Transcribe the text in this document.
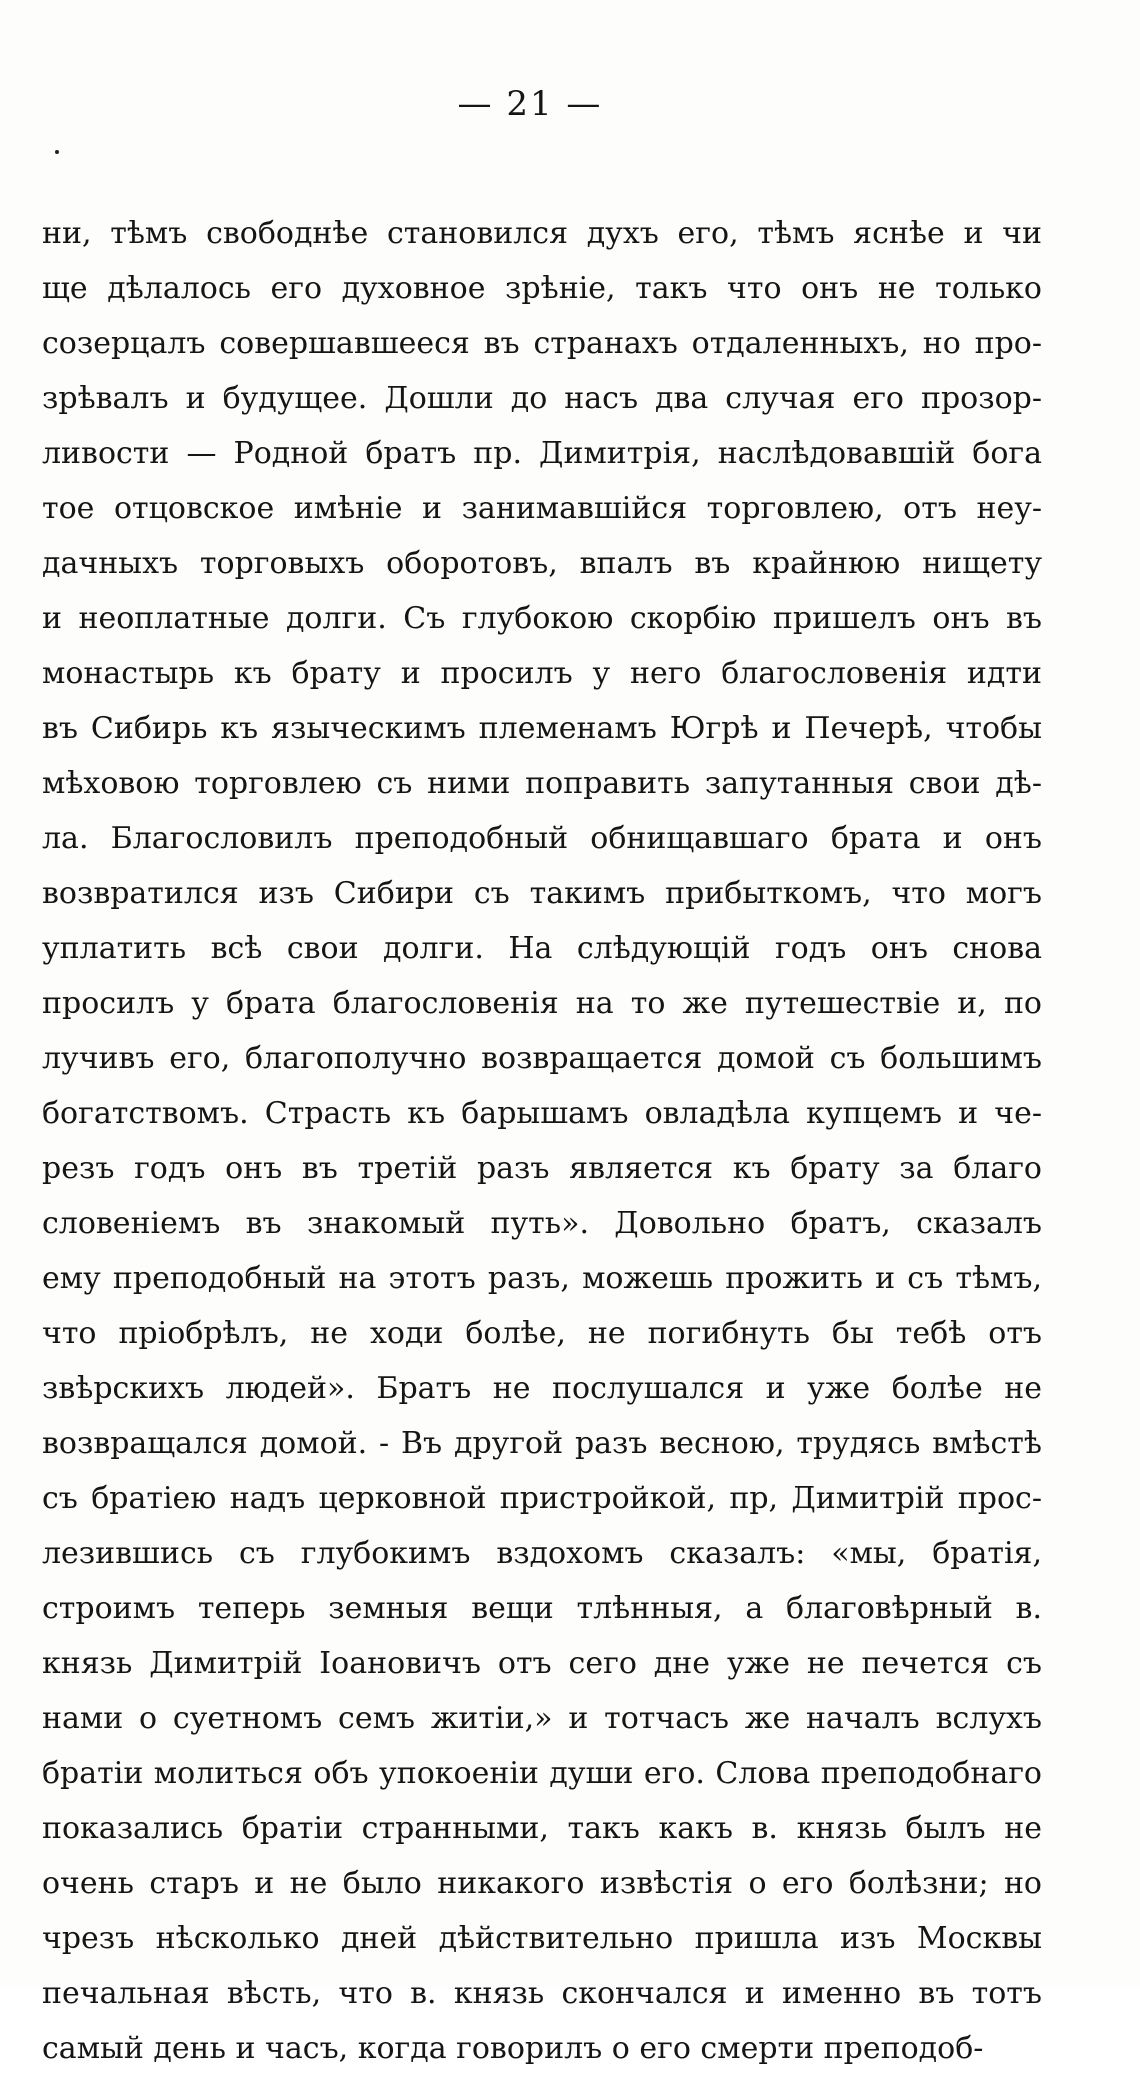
— 21 —
ни, тѣмъ свободнѣе становился духъ его, тѣмъ яснѣе и чи
ще дѣлалось его духовное зрѣніе, такъ что онъ не только
созерцалъ совершавшееся въ странахъ отдаленныхъ, но про-
зрѣвалъ и будущее. Дошли до насъ два случая его прозор-
ливости — Родной братъ пр. Димитрія, наслѣдовавшій бога
тое отцовское имѣніе и занимавшійся торговлею, отъ неу-
дачныхъ торговыхъ оборотовъ, впалъ въ крайнюю нищету
и неоплатные долги. Съ глубокою скорбію пришелъ онъ въ
монастырь къ брату и просилъ у него благословенія идти
въ Сибирь къ языческимъ племенамъ Югрѣ и Печерѣ, чтобы
мѣховою торговлею съ ними поправить запутанныя свои дѣ-
ла. Благословилъ преподобный обнищавшаго брата и онъ
возвратился изъ Сибири съ такимъ прибыткомъ, что могъ
уплатить всѣ свои долги. На слѣдующій годъ онъ снова
просилъ у брата благословенія на то же путешествіе и, по
лучивъ его, благополучно возвращается домой съ большимъ
богатствомъ. Страсть къ барышамъ овладѣла купцемъ и че-
резъ годъ онъ въ третій разъ является къ брату за благо
словеніемъ въ знакомый путь». Довольно братъ, сказалъ
ему преподобный на этотъ разъ, можешь прожить и съ тѣмъ,
что пріобрѣлъ, не ходи болѣе, не погибнуть бы тебѣ отъ
звѣрскихъ людей». Братъ не послушался и уже болѣе не
возвращался домой. - Въ другой разъ весною, трудясь вмѣстѣ
съ братіею надъ церковной пристройкой, пр, Димитрій прос-
лезившись съ глубокимъ вздохомъ сказалъ: «мы, братія,
строимъ теперь земныя вещи тлѣнныя, а благовѣрный в.
князь Димитрій Іоановичъ отъ сего дне уже не печется съ
нами о суетномъ семъ житіи,» и тотчасъ же началъ вслухъ
братіи молиться объ упокоеніи души его. Слова преподобнаго
показались братіи странными, такъ какъ в. князь былъ не
очень старъ и не было никакого извѣстія о его болѣзни; но
чрезъ нѣсколько дней дѣйствительно пришла изъ Москвы
печальная вѣсть, что в. князь скончался и именно въ тотъ
самый день и часъ, когда говорилъ о его смерти преподоб-
